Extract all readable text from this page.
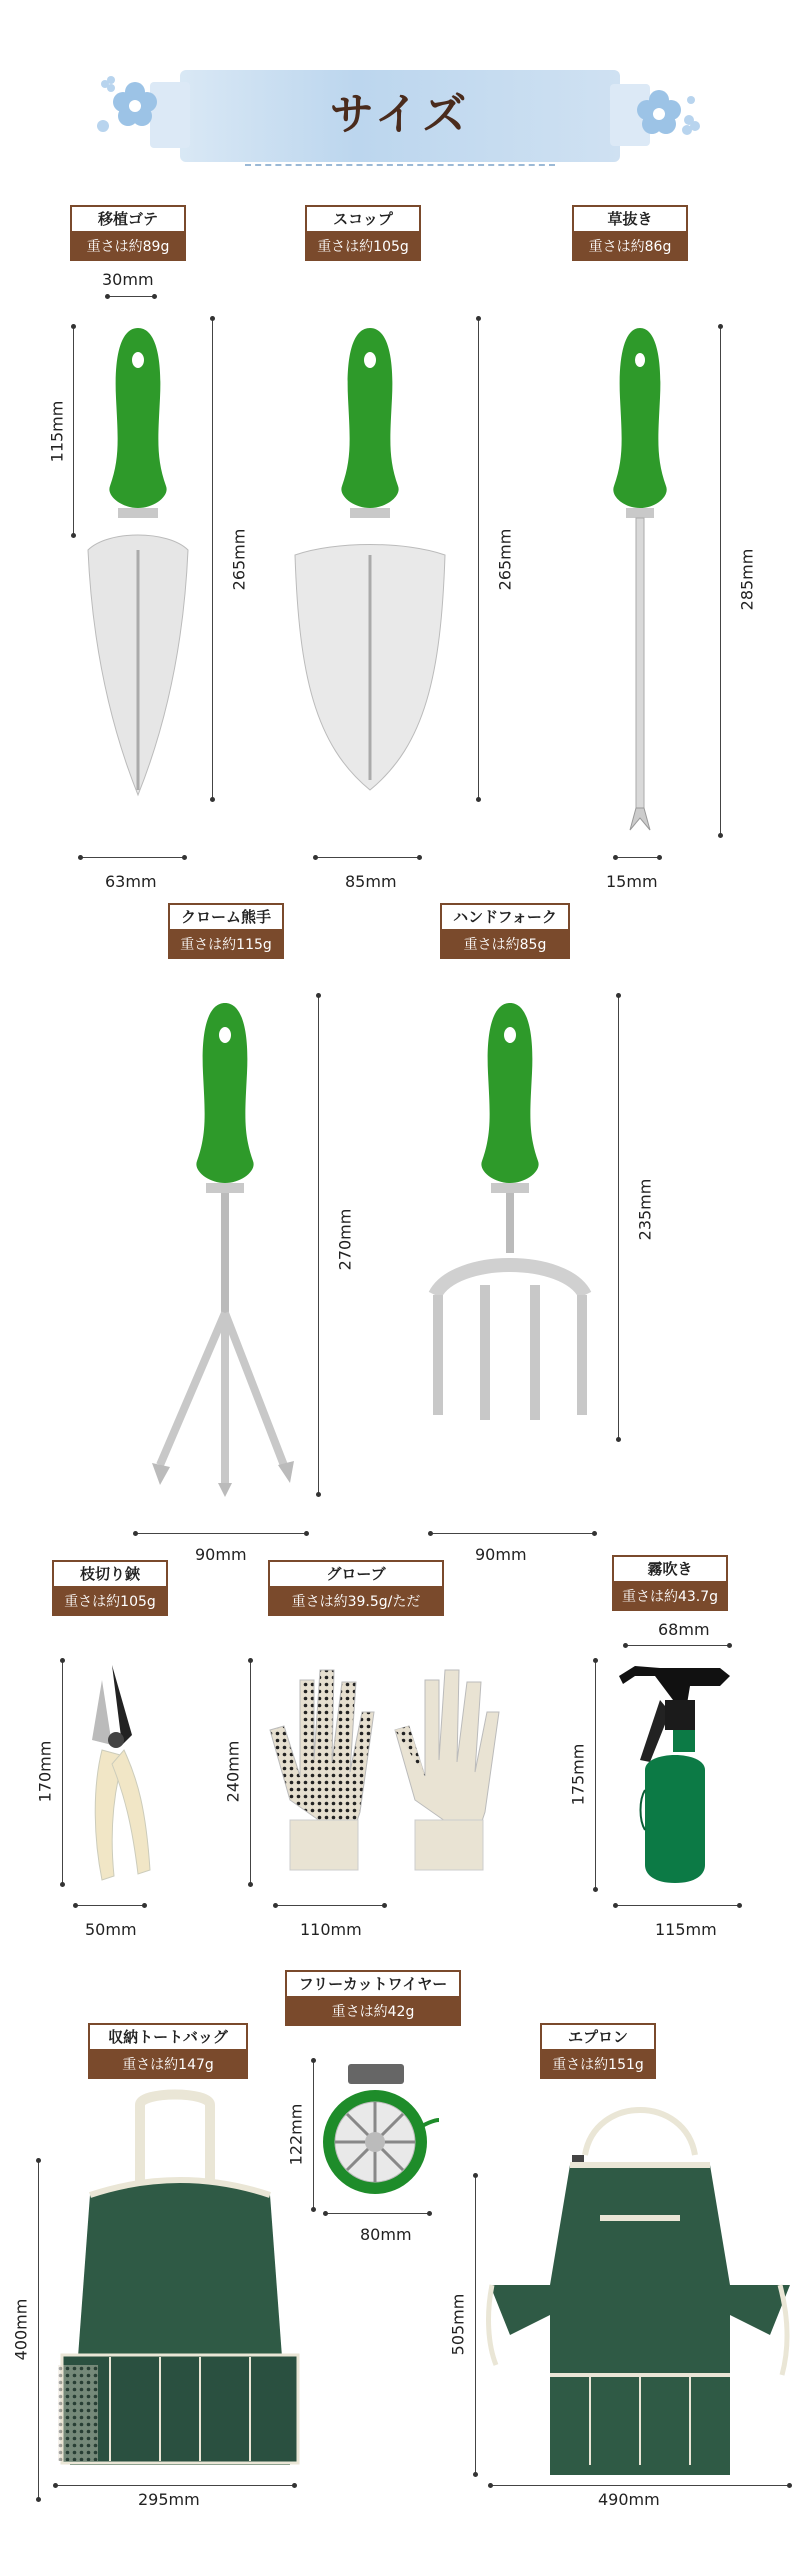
サイズ
移植ゴテ
重さは約89g
30mm
115mm
265mm
63mm
スコップ
重さは約105g
265mm
85mm
草抜き
重さは約86g
285mm
15mm
クローム熊手
重さは約115g
270mm
90mm
ハンドフォーク
重さは約85g
235mm
90mm
枝切り鋏
重さは約105g
170mm
50mm
グローブ
重さは約39.5g/ただ
240mm
110mm
霧吹き
重さは約43.7g
68mm
175mm
115mm
フリーカットワイヤー
重さは約42g
122mm
80mm
収納トートバッグ
重さは約147g
400mm
295mm
エプロン
重さは約151g
505mm
490mm
